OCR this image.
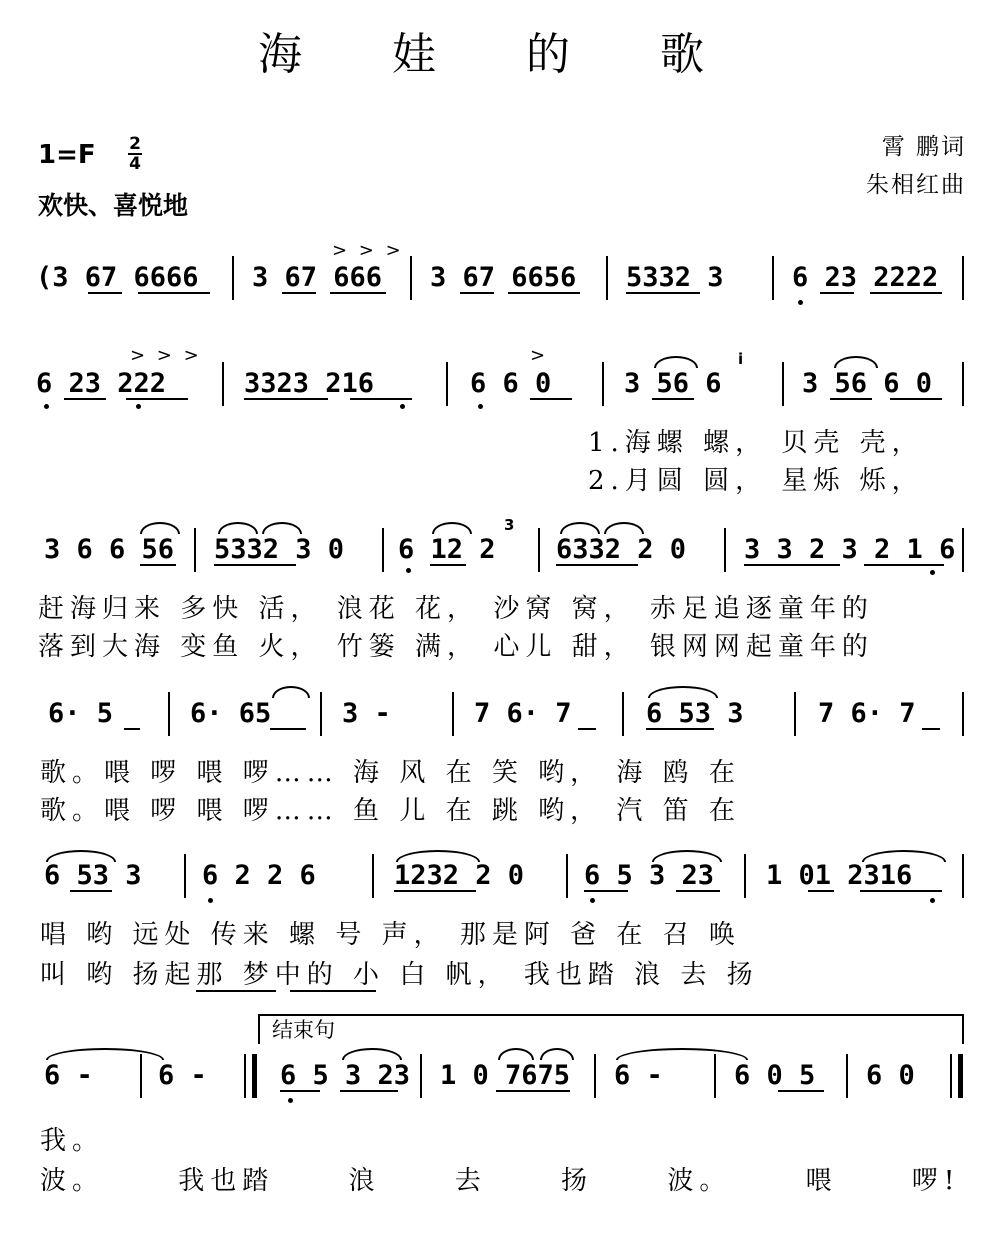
海 娃 的 歌
1=F 2
4
欢快、喜悦地
霄 鹏词
朱相红曲
> > >
(3 67 6666	3 67 666 3 67 6656 5332 3	6 23 2222
> > >	>	i
6 23 222	3323 216	6 6 0	3 56 6	3 56 6 0
1.海螺 螺， 贝壳 壳，
2.月圆 圆， 星烁 烁，
3
3 6 6 56 5332 3 0 6 12 2 6332 2 0 3 3 2 3 2 1 6
赶海归来 多快 活， 浪花 花， 沙窝 窝， 赤足追逐童年的
落到大海 变鱼 火， 竹篓 满， 心儿 甜， 银网网起童年的
6· 5	6· 65	3 -	7 6· 7	6 53 3	7 6· 7
歌。喂 啰 喂 啰…… 海 风 在 笑 哟， 海 鸥 在
歌。喂 啰 喂 啰…… 鱼 儿 在 跳 哟， 汽 笛 在
6 53 3 6 2 2 6	1232 2 0 6 5 3 23 1 01 2316
唱 哟 远处 传来 螺 号 声， 那是阿 爸 在 召 唤
叫 哟 扬起那 梦中的 小 白 帆， 我也踏 浪 去 扬
结束句
6 - 6 -	6 5 3 23 1 0 7675 6 -	6 0 5 6 0
我。
波。 我也踏 浪 去 扬 波。 喂 啰!
